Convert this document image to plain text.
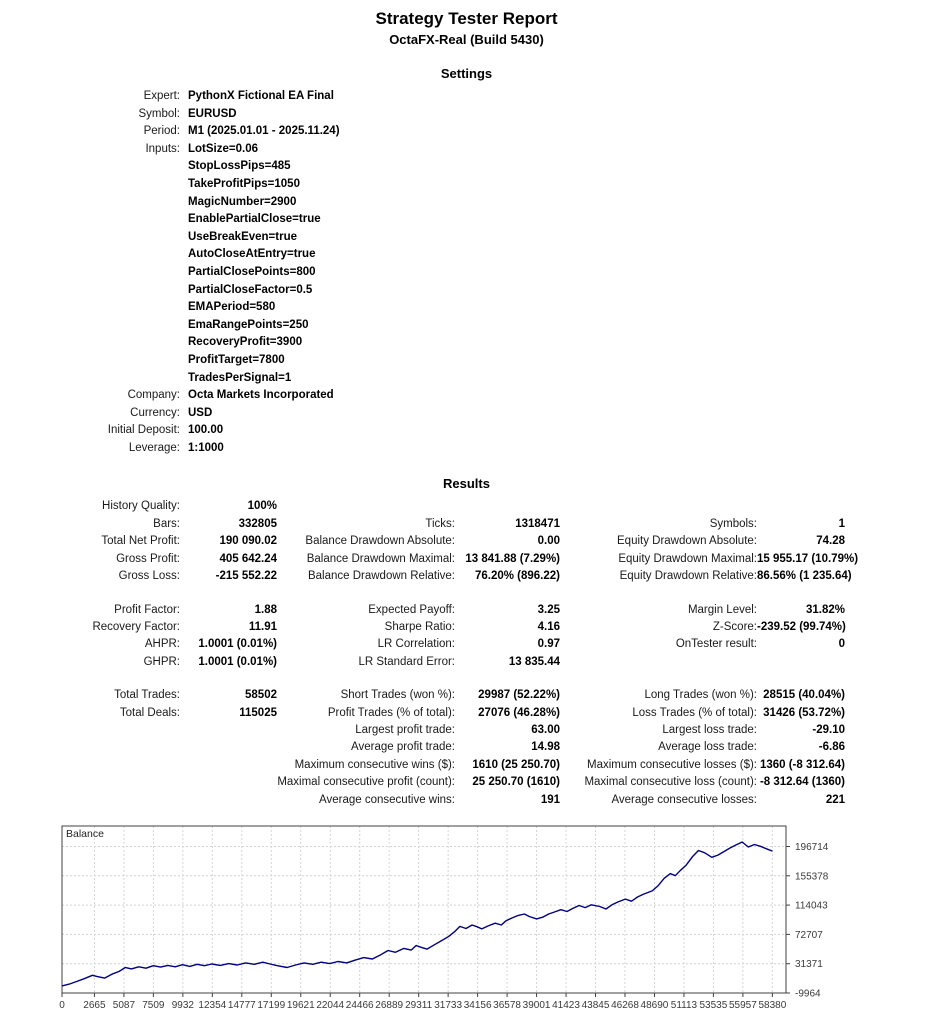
Strategy Tester Report
OctaFX-Real (Build 5430)
Settings
Expert: PythonX Fictional EA Final
Symbol: EURUSD
Period: M1 (2025.01.01 - 2025.11.24)
Inputs: LotSize=0.06
StopLossPips=485
TakeProfitPips=1050
MagicNumber=2900
EnablePartialClose=true
UseBreakEven=true
AutoCloseAtEntry=true
PartialClosePoints=800
PartialCloseFactor=0.5
EMAPeriod=580
EmaRangePoints=250
RecoveryProfit=3900
ProfitTarget=7800
TradesPerSignal=1
Company: Octa Markets Incorporated
Currency: USD
Initial Deposit: 100.00
Leverage: 1:1000
Results
History Quality:	100%
Bars:	332805	Ticks:	1318471	Symbols:	1
Total Net Profit:	190 090.02	Balance Drawdown Absolute:	0.00	Equity Drawdown Absolute:	74.28
Gross Profit:	405 642.24	Balance Drawdown Maximal: 13 841.88 (7.29%)	Equity Drawdown Maximal: 15 955.17 (10.79%)
Gross Loss:	-215 552.22	Balance Drawdown Relative:	76.20% (896.22)	Equity Drawdown Relative: 86.56% (1 235.64)
Profit Factor:	1.88	Expected Payoff:	3.25	Margin Level:	31.82%
Recovery Factor:	11.91	Sharpe Ratio:	4.16	Z-Score: -239.52 (99.74%)
AHPR:	1.0001 (0.01%)	LR Correlation:	0.97	OnTester result:	0
GHPR:	1.0001 (0.01%)	LR Standard Error:	13 835.44
Total Trades:	58502	Short Trades (won %):	29987 (52.22%)	Long Trades (won %): 28515 (40.04%)
Total Deals:	115025	Profit Trades (% of total):	27076 (46.28%)	Loss Trades (% of total): 31426 (53.72%)
Largest profit trade:	63.00	Largest loss trade:	-29.10
Average profit trade:	14.98	Average loss trade:	-6.86
Maximum consecutive wins ($):	1610 (25 250.70)	Maximum consecutive losses ($): 1360 (-8 312.64)
Maximal consecutive profit (count):	25 250.70 (1610)	Maximal consecutive loss (count): -8 312.64 (1360)
Average consecutive wins:	191	Average consecutive losses:	221
0 2665 5087 7509 9932 12354 14777 17199 19621 22044 24466 26889 29311 31733 34156 36578 39001 41423 43845 46268 48690 51113 53535 55957 58380
196714
155378
114043
72707
31371
-9964
Balance
